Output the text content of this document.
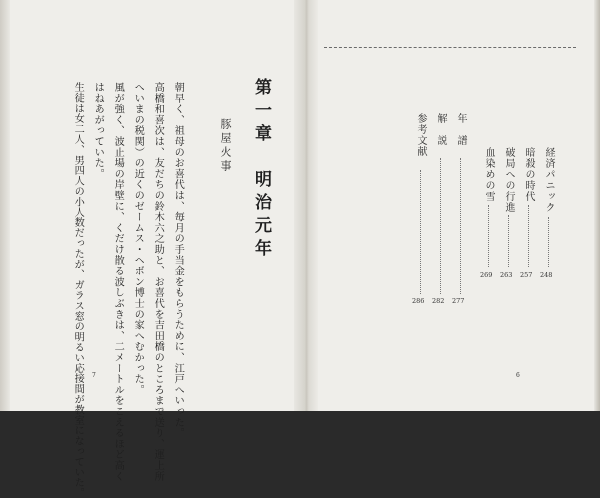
第一章　明治元年
豚屋火事
朝早く、祖母のお喜代は、毎月の手当金をもらうために、江戸へいった。
高橋和喜次は、友だちの鈴木六之助と、お喜代を吉田橋のところまで送り、運上所
へいまの税関）の近くのゼームス・ヘボン博士の家へむかった。
風が強く、波止場の岸壁に、くだけ散る波しぶきは、二メートルをこえるほど高く
はねあがっていた。
生徒は女二人、男四人の小人数だったが、ガラス窓の明るい応接間が教室になっていた。 7
経済パニック
248
暗殺の時代
257
破局への行進
263
血染めの雪
269
年　譜
277
解　説
282
参考文献
286
6
